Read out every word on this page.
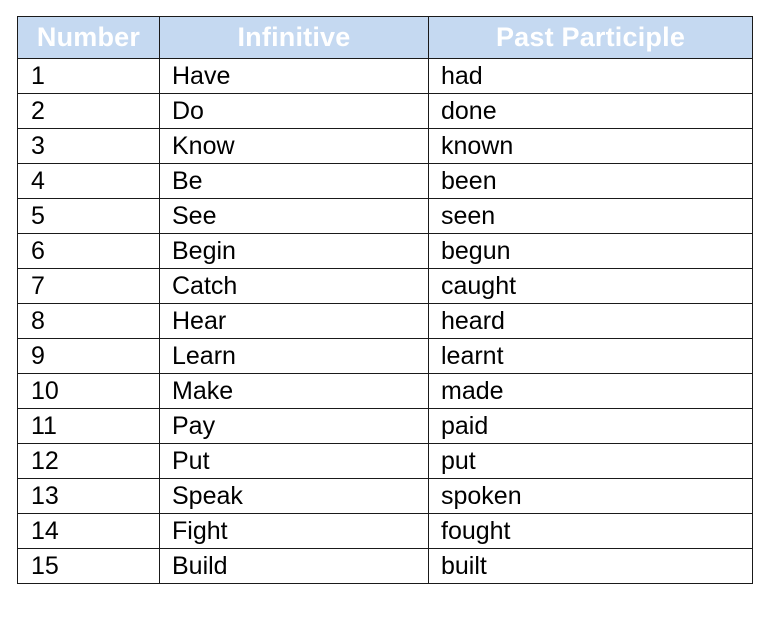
Number	Infinitive	Past Participle
1	Have	had
2	Do	done
3	Know	known
4	Be	been
5	See	seen
6	Begin	begun
7	Catch	caught
8	Hear	heard
9	Learn	learnt
10	Make	made
11	Pay	paid
12	Put	put
13	Speak	spoken
14	Fight	fought
15	Build	built
